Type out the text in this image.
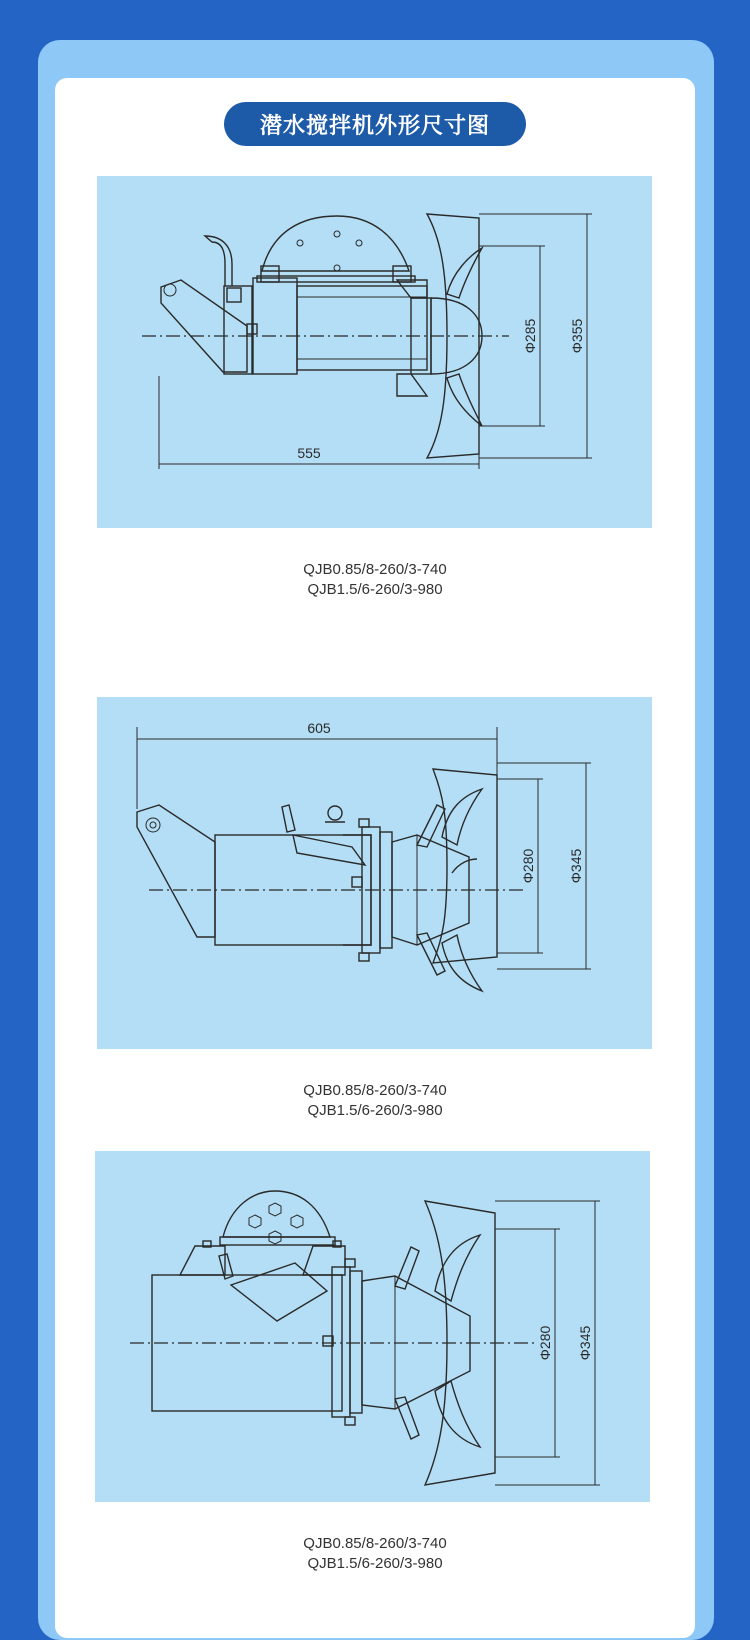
潜水搅拌机外形尺寸图
555
Φ285 Φ355
QJB0.85/8-260/3-740
QJB1.5/6-260/3-980
605
Φ280 Φ345
QJB0.85/8-260/3-740
QJB1.5/6-260/3-980
Φ280 Φ345
QJB0.85/8-260/3-740
QJB1.5/6-260/3-980
